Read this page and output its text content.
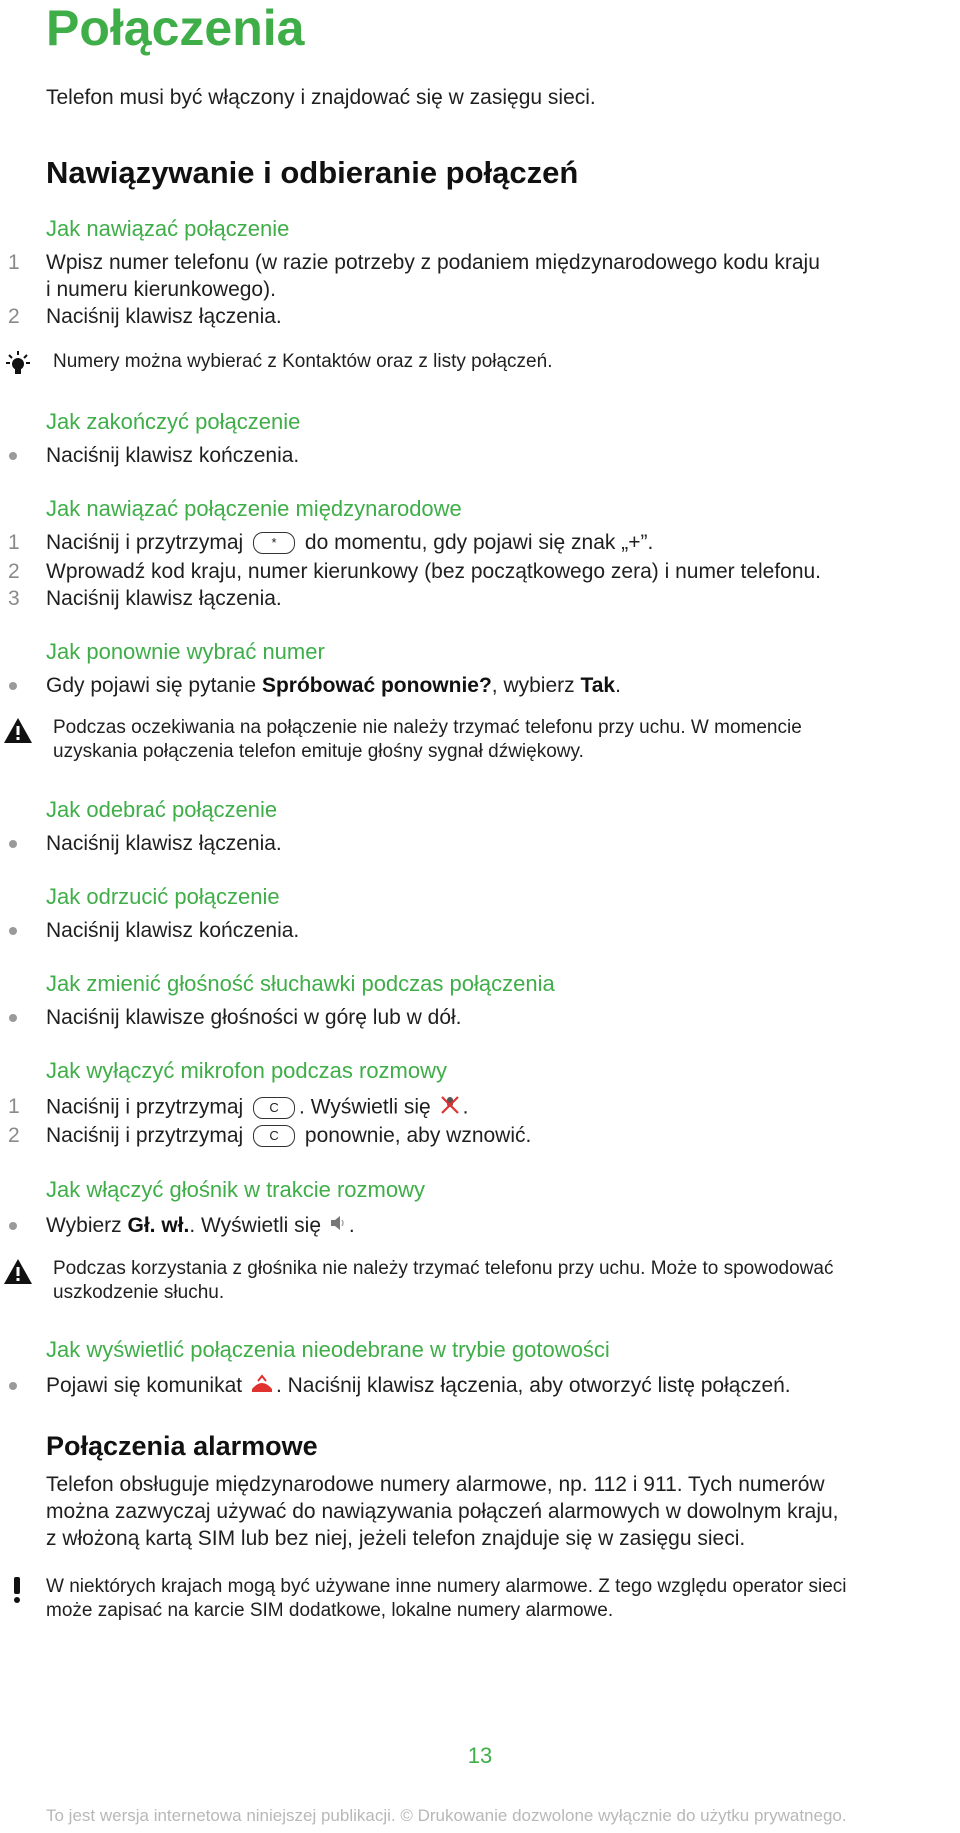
Połączenia
Telefon musi być włączony i znajdować się w zasięgu sieci.
Nawiązywanie i odbieranie połączeń
Jak nawiązać połączenie
1	Wpisz numer telefonu (w razie potrzeby z podaniem międzynarodowego kodu kraju
i numeru kierunkowego).
2	Naciśnij klawisz łączenia.
Numery można wybierać z Kontaktów oraz z listy połączeń.
Jak zakończyć połączenie
Naciśnij klawisz kończenia.
Jak nawiązać połączenie międzynarodowe
1	Naciśnij i przytrzymaj * do momentu, gdy pojawi się znak „+”.
2	Wprowadź kod kraju, numer kierunkowy (bez początkowego zera) i numer telefonu.
3	Naciśnij klawisz łączenia.
Jak ponownie wybrać numer
Gdy pojawi się pytanie Spróbować ponownie?, wybierz Tak.
Podczas oczekiwania na połączenie nie należy trzymać telefonu przy uchu. W momencie
uzyskania połączenia telefon emituje głośny sygnał dźwiękowy.
Jak odebrać połączenie
Naciśnij klawisz łączenia.
Jak odrzucić połączenie
Naciśnij klawisz kończenia.
Jak zmienić głośność słuchawki podczas połączenia
Naciśnij klawisze głośności w górę lub w dół.
Jak wyłączyć mikrofon podczas rozmowy
1	Naciśnij i przytrzymaj C . Wyświetli się .
2	Naciśnij i przytrzymaj C ponownie, aby wznowić.
Jak włączyć głośnik w trakcie rozmowy
Wybierz Gł. wł.. Wyświetli się .
Podczas korzystania z głośnika nie należy trzymać telefonu przy uchu. Może to spowodować
uszkodzenie słuchu.
Jak wyświetlić połączenia nieodebrane w trybie gotowości
Pojawi się komunikat . Naciśnij klawisz łączenia, aby otworzyć listę połączeń.
Połączenia alarmowe
Telefon obsługuje międzynarodowe numery alarmowe, np. 112 i 911. Tych numerów
można zazwyczaj używać do nawiązywania połączeń alarmowych w dowolnym kraju,
z włożoną kartą SIM lub bez niej, jeżeli telefon znajduje się w zasięgu sieci.
W niektórych krajach mogą być używane inne numery alarmowe. Z tego względu operator sieci
może zapisać na karcie SIM dodatkowe, lokalne numery alarmowe.
13
To jest wersja internetowa niniejszej publikacji. © Drukowanie dozwolone wyłącznie do użytku prywatnego.
